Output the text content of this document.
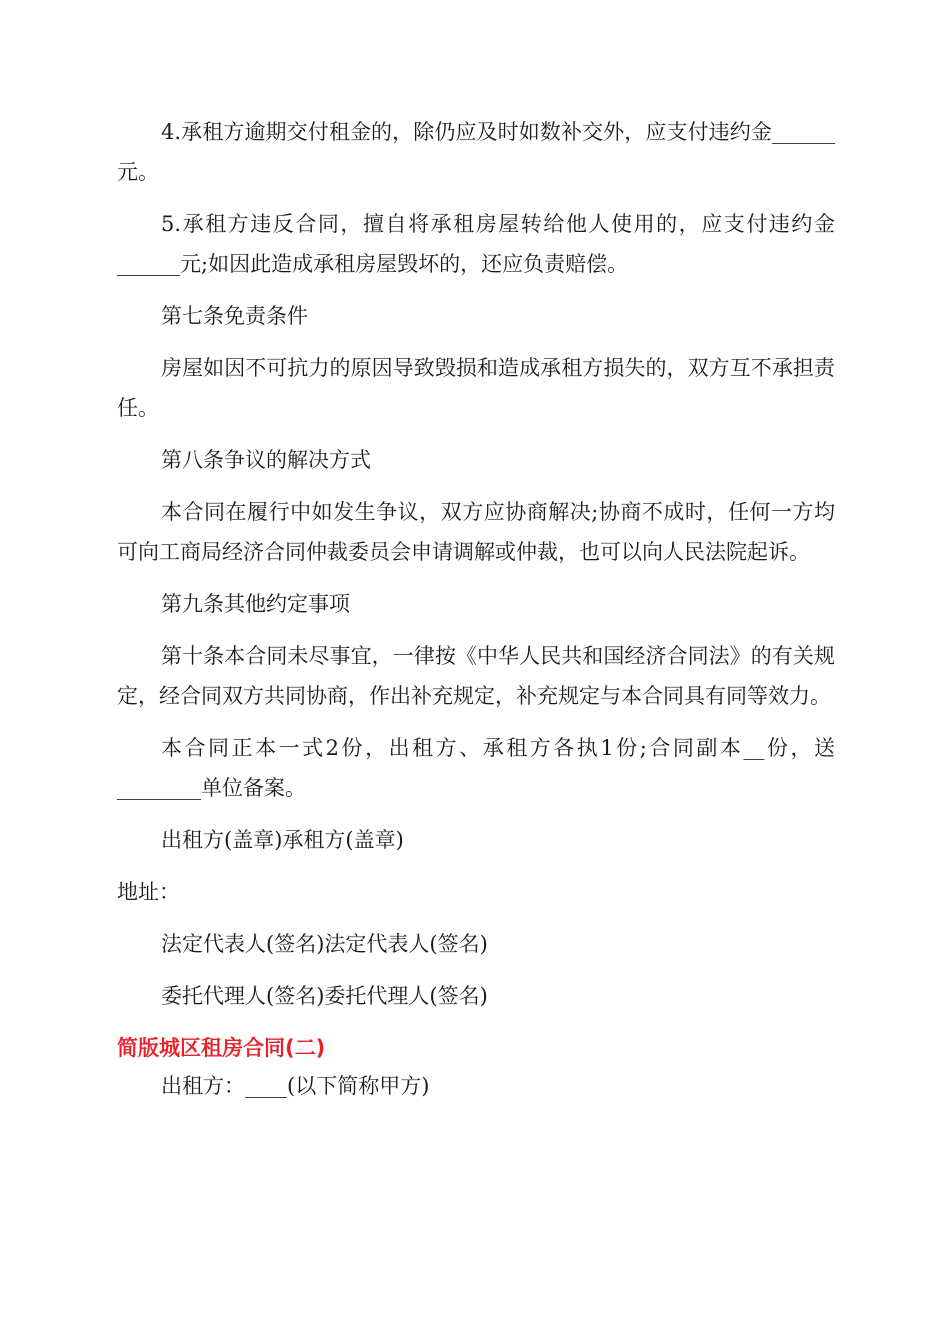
4.承租方逾期交付租金的，除仍应及时如数补交外，应支付违约金______元。

5.承租方违反合同，擅自将承租房屋转给他人使用的，应支付违约金______元;如因此造成承租房屋毁坏的，还应负责赔偿。

第七条免责条件

房屋如因不可抗力的原因导致毁损和造成承租方损失的，双方互不承担责任。

第八条争议的解决方式

本合同在履行中如发生争议，双方应协商解决;协商不成时，任何一方均可向工商局经济合同仲裁委员会申请调解或仲裁，也可以向人民法院起诉。

第九条其他约定事项

第十条本合同未尽事宜，一律按《中华人民共和国经济合同法》的有关规定，经合同双方共同协商，作出补充规定，补充规定与本合同具有同等效力。

本合同正本一式2份，出租方、承租方各执1份;合同副本__份，送________单位备案。

出租方(盖章)承租方(盖章)

地址：

法定代表人(签名)法定代表人(签名)

委托代理人(签名)委托代理人(签名)

简版城区租房合同(二)

出租方：____(以下简称甲方)
